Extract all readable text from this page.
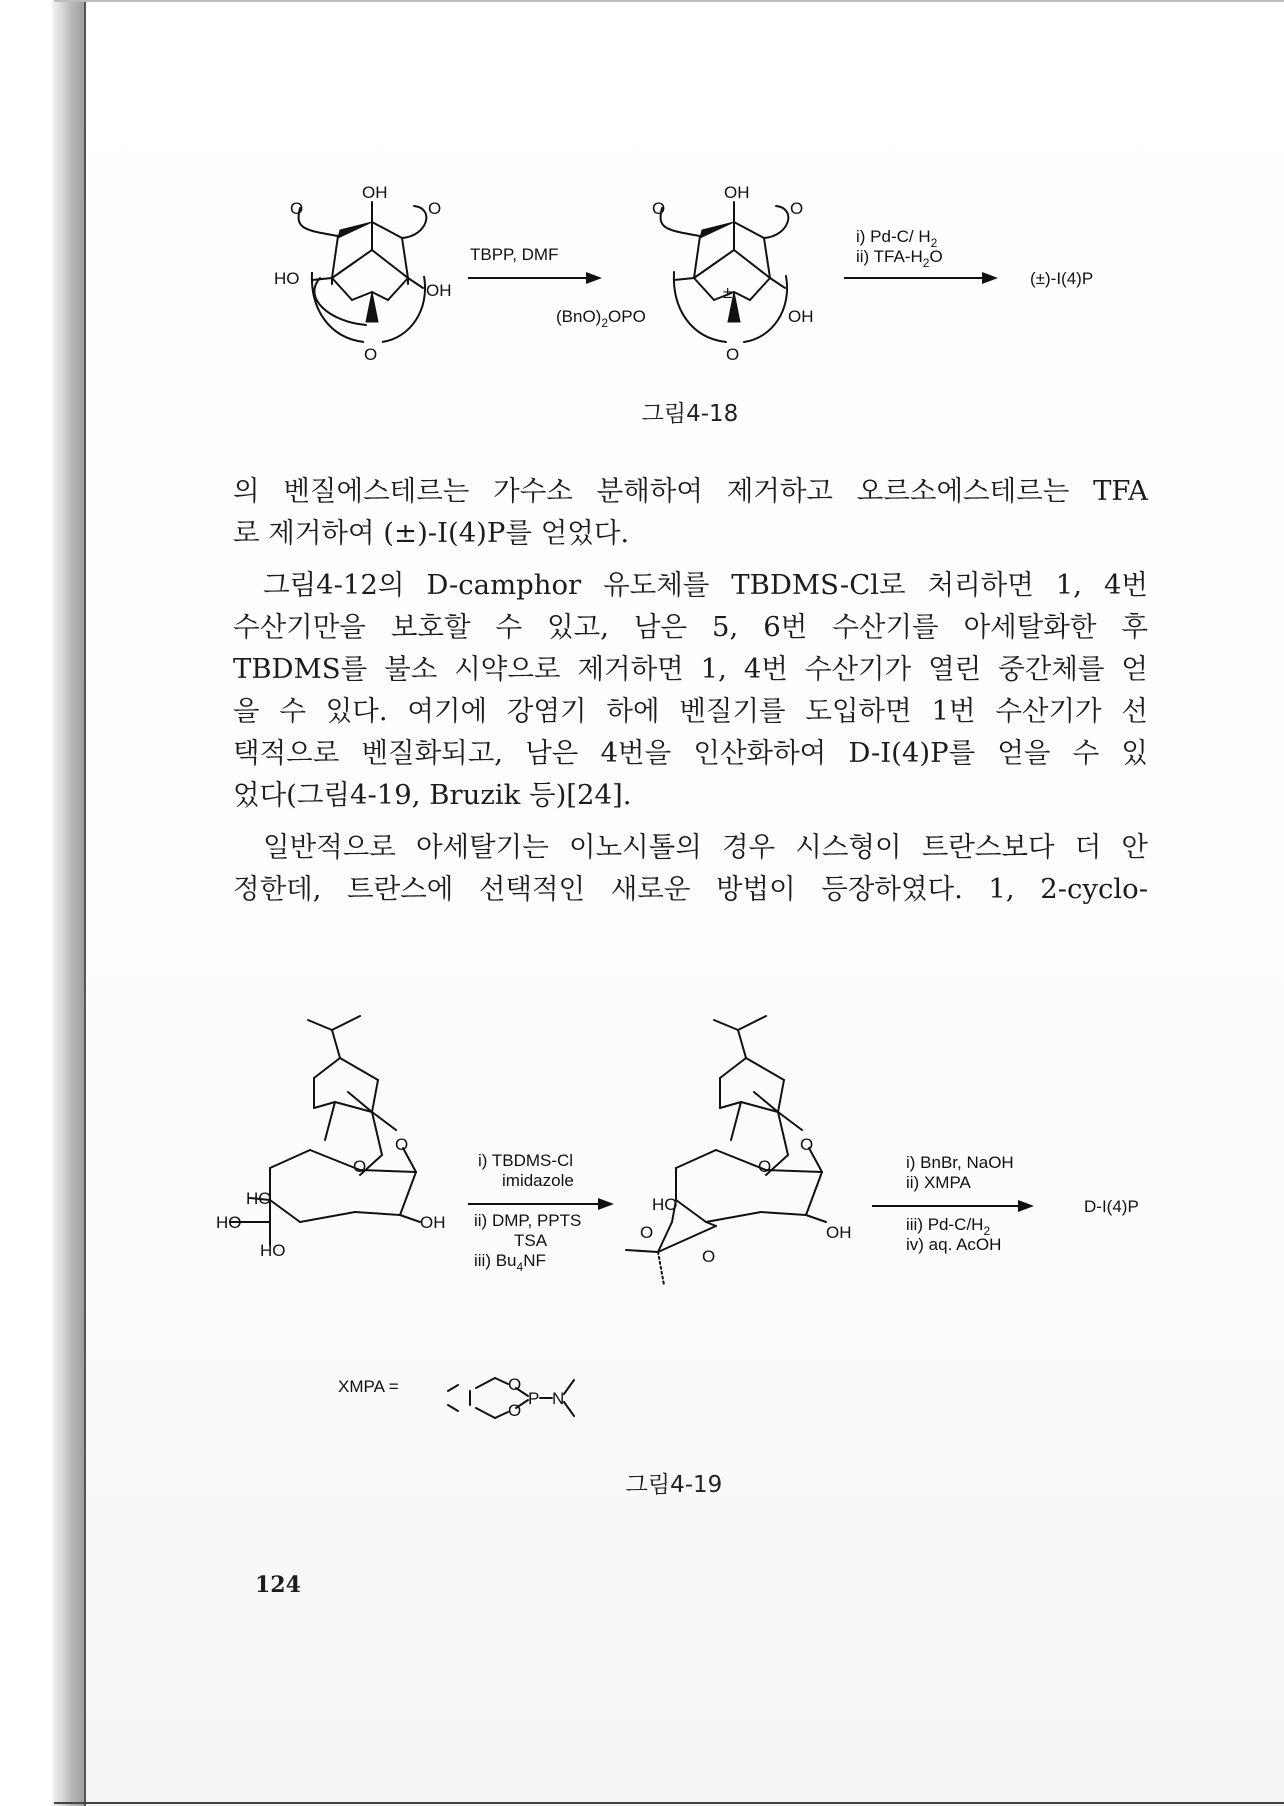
OH
O	O
HO
OH
O
TBPP, DMF
OH
O	O
$(BnO)_2OPO$
±
OH
O
i) Pd-C/ $H_2$
ii) TFA-$H_2O$
(±)-I(4)P
그림4-18

의 벤질에스테르는 가수소 분해하여 제거하고 오르소에스테르는 TFA

로 제거하여 (±)-I(4)P를 얻었다.

그림4-12의 D-camphor 유도체를 TBDMS-Cl로 처리하면 1, 4번

수산기만을 보호할 수 있고, 남은 5, 6번 수산기를 아세탈화한 후

TBDMS를 불소 시약으로 제거하면 1, 4번 수산기가 열린 중간체를 얻

을 수 있다. 여기에 강염기 하에 벤질기를 도입하면 1번 수산기가 선

택적으로 벤질화되고, 남은 4번을 인산화하여 D-I(4)P를 얻을 수 있

었다(그림4-19, Bruzik 등)[24].

일반적으로 아세탈기는 이노시톨의 경우 시스형이 트란스보다 더 안

정한데, 트란스에 선택적인 새로운 방법이 등장하였다. 1, 2-cyclo-

O
O
HO
HO	OH
HO
i) TBDMS-Cl
imidazole
ii) DMP, PPTS
TSA
iii) $Bu_4NF$
O
O
HO
OH
O
O
i) BnBr, NaOH
ii) XMPA
iii) $Pd-C/H_2$
iv) aq. AcOH
D-I(4)P
XMPA =	O
O
P N
그림4-19
124
